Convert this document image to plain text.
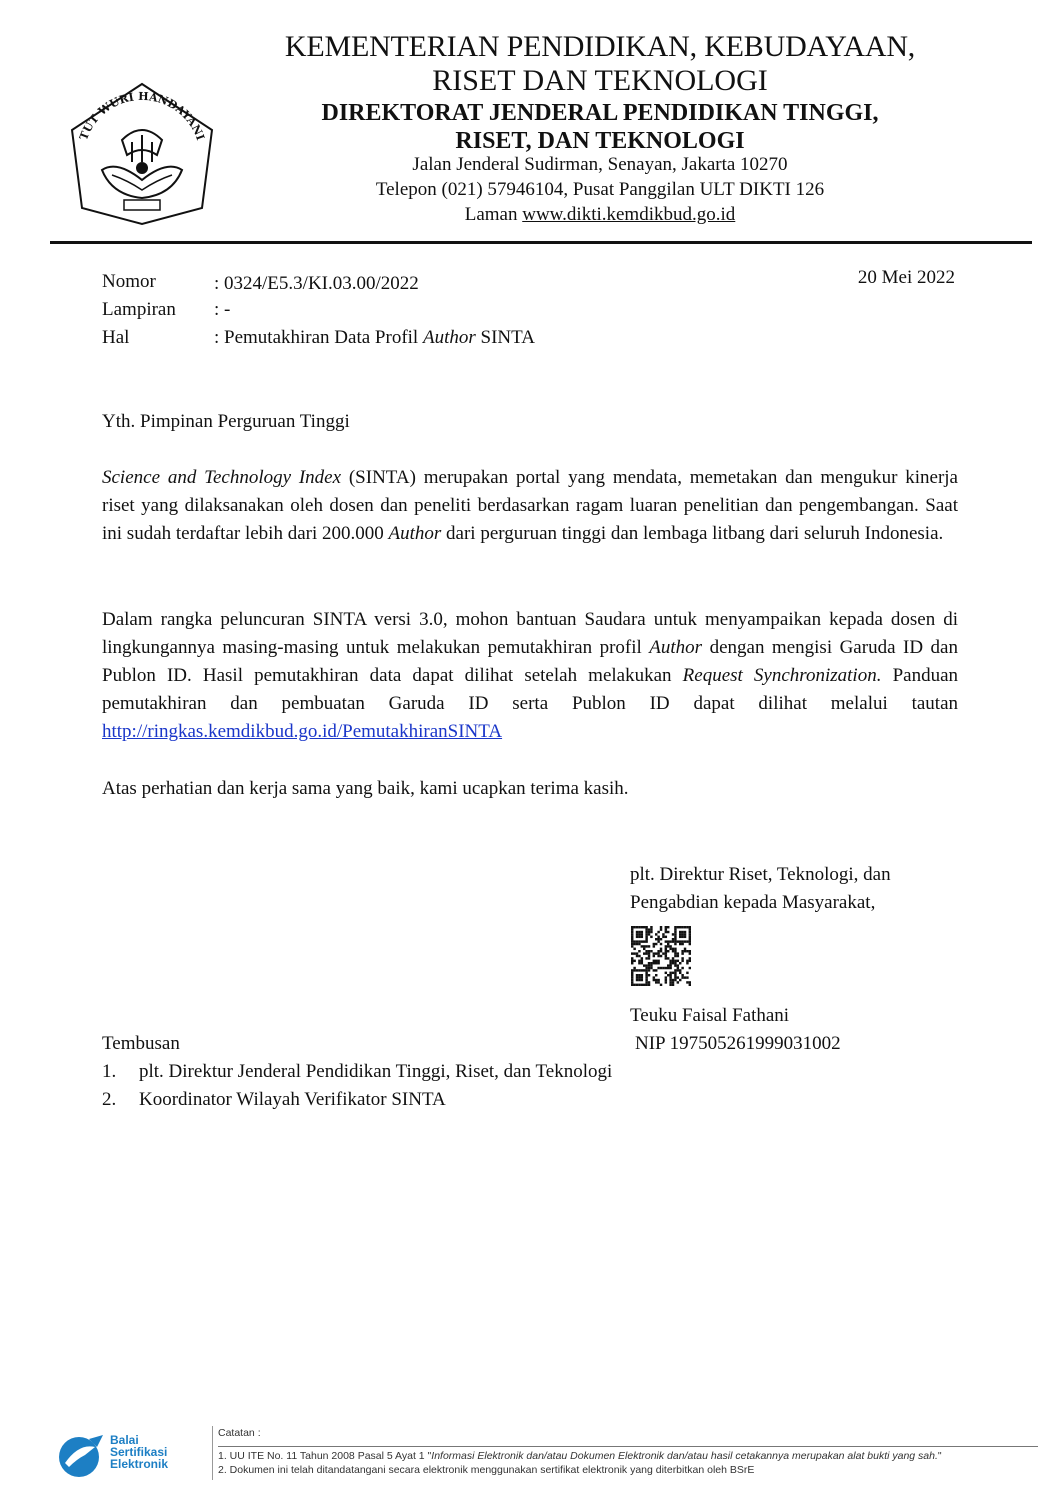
TUT WURI HANDAYANI
KEMENTERIAN PENDIDIKAN, KEBUDAYAAN,
RISET DAN TEKNOLOGI
DIREKTORAT JENDERAL PENDIDIKAN TINGGI,
RISET, DAN TEKNOLOGI
Jalan Jenderal Sudirman, Senayan, Jakarta 10270
Telepon (021) 57946104, Pusat Panggilan ULT DIKTI 126
Laman www.dikti.kemdikbud.go.id
Nomor	: 0324/E5.3/KI.03.00/2022	20 Mei 2022
Lampiran : -
Hal	: Pemutakhiran Data Profil Author SINTA
Yth. Pimpinan Perguruan Tinggi
Science and Technology Index (SINTA) merupakan portal yang mendata, memetakan dan mengukur kinerja riset yang dilaksanakan oleh dosen dan peneliti berdasarkan ragam luaran penelitian dan pengembangan. Saat ini sudah terdaftar lebih dari 200.000 Author dari perguruan tinggi dan lembaga litbang dari seluruh Indonesia.
Dalam rangka peluncuran SINTA versi 3.0, mohon bantuan Saudara untuk menyampaikan kepada dosen di lingkungannya masing-masing untuk melakukan pemutakhiran profil Author dengan mengisi Garuda ID dan Publon ID. Hasil pemutakhiran data dapat dilihat setelah melakukan Request Synchronization. Panduan pemutakhiran dan pembuatan Garuda ID serta Publon ID dapat dilihat melalui tautan http://ringkas.kemdikbud.go.id/PemutakhiranSINTA
Atas perhatian dan kerja sama yang baik, kami ucapkan terima kasih.
plt. Direktur Riset, Teknologi, dan
Pengabdian kepada Masyarakat,
Teuku Faisal Fathani
NIP 197505261999031002
Tembusan
1. plt. Direktur Jenderal Pendidikan Tinggi, Riset, dan Teknologi
2. Koordinator Wilayah Verifikator SINTA
Balai
Sertifikasi
Elektronik
Catatan :
1. UU ITE No. 11 Tahun 2008 Pasal 5 Ayat 1 "Informasi Elektronik dan/atau Dokumen Elektronik dan/atau hasil cetakannya merupakan alat bukti yang sah."
2. Dokumen ini telah ditandatangani secara elektronik menggunakan sertifikat elektronik yang diterbitkan oleh BSrE
